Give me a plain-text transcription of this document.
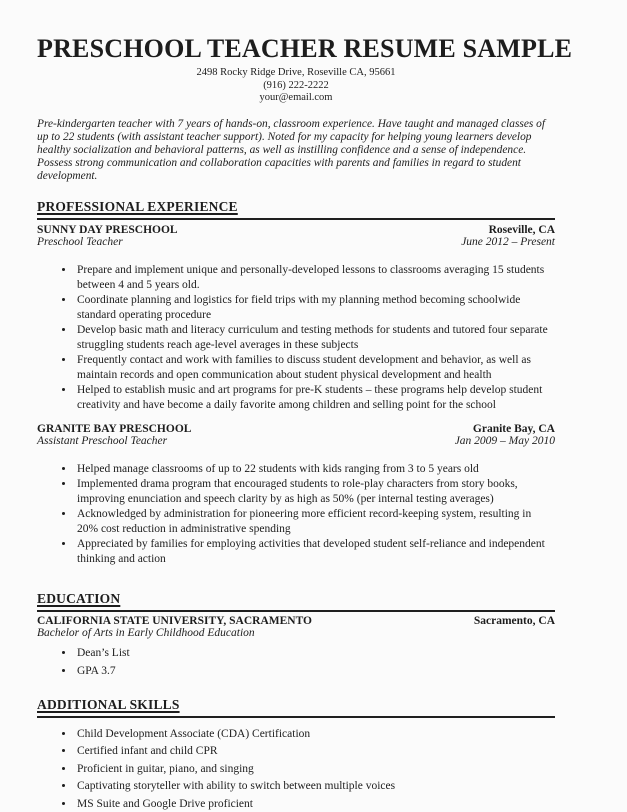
PRESCHOOL TEACHER RESUME SAMPLE
2498 Rocky Ridge Drive, Roseville CA, 95661
(916) 222-2222
your@email.com
Pre-kindergarten teacher with 7 years of hands-on, classroom experience. Have taught and managed classes of up to 22 students (with assistant teacher support). Noted for my capacity for helping young learners develop healthy socialization and behavioral patterns, as well as instilling confidence and a sense of independence. Possess strong communication and collaboration capacities with parents and families in regard to student development.
PROFESSIONAL EXPERIENCE
SUNNY DAY PRESCHOOL	Roseville, CA
Preschool Teacher	June 2012 – Present
• Prepare and implement unique and personally-developed lessons to classrooms averaging 15 students between 4 and 5 years old.
• Coordinate planning and logistics for field trips with my planning method becoming schoolwide standard operating procedure
• Develop basic math and literacy curriculum and testing methods for students and tutored four separate struggling students reach age-level averages in these subjects
• Frequently contact and work with families to discuss student development and behavior, as well as maintain records and open communication about student physical development and health
• Helped to establish music and art programs for pre-K students – these programs help develop student creativity and have become a daily favorite among children and selling point for the school
GRANITE BAY PRESCHOOL	Granite Bay, CA
Assistant Preschool Teacher	Jan 2009 – May 2010
• Helped manage classrooms of up to 22 students with kids ranging from 3 to 5 years old
• Implemented drama program that encouraged students to role-play characters from story books, improving enunciation and speech clarity by as high as 50% (per internal testing averages)
• Acknowledged by administration for pioneering more efficient record-keeping system, resulting in 20% cost reduction in administrative spending
• Appreciated by families for employing activities that developed student self-reliance and independent thinking and action
EDUCATION
CALIFORNIA STATE UNIVERSITY, SACRAMENTO	Sacramento, CA
Bachelor of Arts in Early Childhood Education
• Dean’s List
• GPA 3.7
ADDITIONAL SKILLS
• Child Development Associate (CDA) Certification
• Certified infant and child CPR
• Proficient in guitar, piano, and singing
• Captivating storyteller with ability to switch between multiple voices
• MS Suite and Google Drive proficient
